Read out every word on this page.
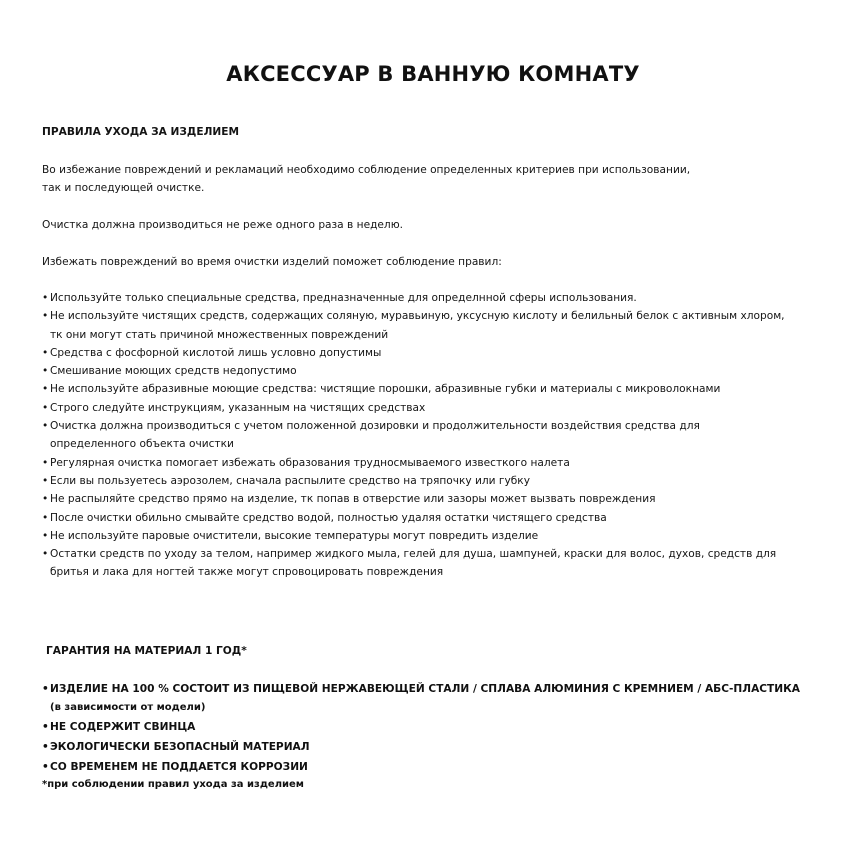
АКСЕССУАР В ВАННУЮ КОМНАТУ
ПРАВИЛА УХОДА ЗА ИЗДЕЛИЕМ
Во избежание повреждений и рекламаций необходимо соблюдение определенных критериев при использовании,
так и последующей очистке.
Очистка должна производиться не реже одного раза в неделю.
Избежать повреждений во время очистки изделий поможет соблюдение правил:
• Используйте только специальные средства, предназначенные для определнной сферы использования.
• Не используйте чистящих средств, содержащих соляную, муравьиную, уксусную кислоту и белильный белок с активным хлором,
тк они могут стать причиной множественных повреждений
• Средства с фосфорной кислотой лишь условно допустимы
• Смешивание моющих средств недопустимо
• Не используйте абразивные моющие средства: чистящие порошки, абразивные губки и материалы с микроволокнами
• Строго следуйте инструкциям, указанным на чистящих средствах
• Очистка должна производиться с учетом положенной дозировки и продолжительности воздействия средства для
определенного объекта очистки
• Регулярная очистка помогает избежать образования трудносмываемого известкого налета
• Если вы пользуетесь аэрозолем, сначала распылите средство на тряпочку или губку
• Не распыляйте средство прямо на изделие, тк попав в отверстие или зазоры может вызвать повреждения
• После очистки обильно смывайте средство водой, полностью удаляя остатки чистящего средства
• Не используйте паровые очистители, высокие температуры могут повредить изделие
• Остатки средств по уходу за телом, например жидкого мыла, гелей для душа, шампуней, краски для волос, духов, средств для
бритья и лака для ногтей также могут спровоцировать повреждения
ГАРАНТИЯ НА МАТЕРИАЛ 1 ГОД*
• ИЗДЕЛИЕ НА 100 % СОСТОИТ ИЗ ПИЩЕВОЙ НЕРЖАВЕЮЩЕЙ СТАЛИ / СПЛАВА АЛЮМИНИЯ С КРЕМНИЕМ / АБС-ПЛАСТИКА
(в зависимости от модели)
• НЕ СОДЕРЖИТ СВИНЦА
• ЭКОЛОГИЧЕСКИ БЕЗОПАСНЫЙ МАТЕРИАЛ
• СО ВРЕМЕНЕМ НЕ ПОДДАЕТСЯ КОРРОЗИИ
*при соблюдении правил ухода за изделием
